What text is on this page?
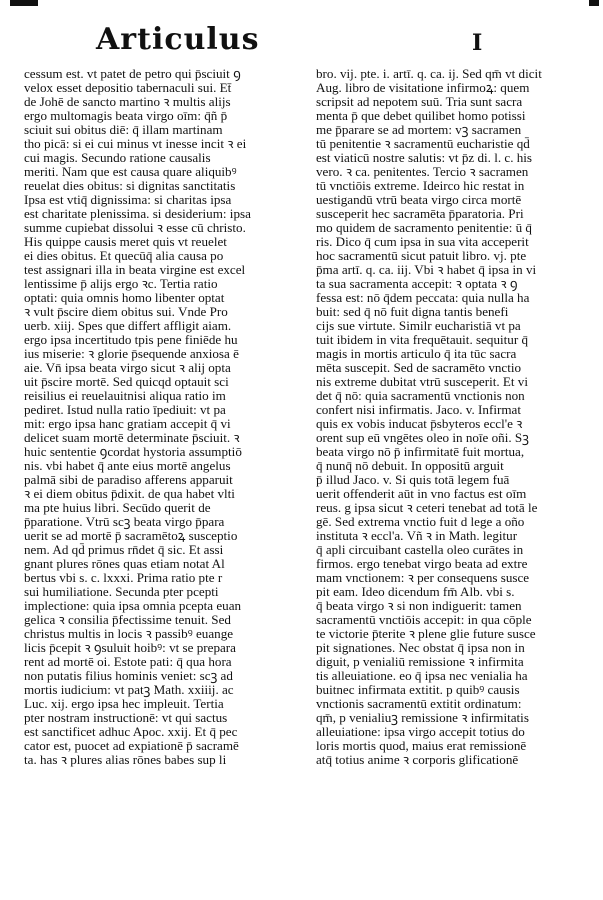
Articulus	I
cessum est. vt patet de petro qui p̄sciuit ꝯ
velox esset depositio tabernaculi sui. Et̄
de Johē de sancto martino ꝛ multis alijs
ergo multomagis beata virgo oīm: q̄ñ p̄
sciuit sui obitus diē: q̄ illam martinam
tho picā: si ei cui minus vt inesse incit ꝛ ei
cui magis. Secundo ratione causalis
meriti. Nam que est causa quare aliquibꝰ
reuelat dies obitus: si dignitas sanctitatis
Ipsa est vtiq̄ dignissima: si charitas ipsa
est charitate plenissima. si desiderium: ipsa
summe cupiebat dissolui ꝛ esse cū christo.
His quippe causis meret quis vt reuelet
ei dies obitus. Et quecūq̄ alia causa po
test assignari illa in beata virgine est excel
lentissime p̄ alijs ergo ꝛc. Tertia ratio
optati: quia omnis homo libenter optat
ꝛ vult p̄scire diem obitus sui. Vnde Pro
uerb. xiij. Spes que differt affligit aiam.
ergo ipsa incertitudo tpis pene finiēde hu
ius miserie: ꝛ glorie p̄sequende anxiosa ē
aie. Vn̄ ipsa beata virgo sicut ꝛ alij opta
uit p̄scire mortē. Sed quicqd optauit sci
reisilius ei reuelauitnisi aliqua ratio im
pediret. Istud nulla ratio īpediuit: vt pa
mit: ergo ipsa hanc gratiam accepit q̄ vi
delicet suam mortē determinate p̄sciuit. ꝛ
huic sententie ꝯcordat hystoria assumptiō
nis. vbi habet q̄ ante eius mortē angelus
palmā sibi de paradiso afferens apparuit
ꝛ ei diem obitus p̄dixit. de qua habet vlti
ma pte huius libri. Secūdo querit de
p̄paratione. Vtrū scꝫ beata virgo p̄para
uerit se ad mortē p̄ sacramētoꝝ susceptio
nem. Ad qd̄ primus rn̄det q̄ sic. Et assi
gnant plures rōnes quas etiam notat Al
bertus vbi s. c. lxxxi. Prima ratio pte r
sui humiliatione. Secunda pter pcepti
implectione: quia ipsa omnia pcepta euan
gelica ꝛ consilia p̄fectissime tenuit. Sed
christus multis in locis ꝛ passibꝰ euange
licis p̄cepit ꝛ ꝯsuluit hoibꝰ: vt se prepara
rent ad mortē oi. Estote pati: q̄ qua hora
non putatis filius hominis veniet: scꝫ ad
mortis iudicium: vt patꝫ Math. xxiiij. ac
Luc. xij. ergo ipsa hec impleuit. Tertia
pter nostram instructionē: vt qui sactus
est sanctificet adhuc Apoc. xxij. Et q̄ pec
cator est, puocet ad expiationē p̄ sacramē
ta. has ꝛ plures alias rōnes babes sup li
bro. vij. pte. i. artī. q. ca. ij. Sed qm̄ vt dicit
Aug. libro de visitatione infirmoꝝ: quem
scripsit ad nepotem suū. Tria sunt sacra
menta p̄ que debet quilibet homo potissi
me p̄parare se ad mortem: vꝫ sacramen
tū penitentie ꝛ sacramentū eucharistie qd̄
est viaticū nostre salutis: vt p̄z di. l. c. his
vero. ꝛ ca. penitentes. Tercio ꝛ sacramen
tū vnctiōis extreme. Ideirco hic restat in
uestigandū vtrū beata virgo circa mortē
susceperit hec sacramēta p̄paratoria. Pri
mo quidem de sacramento penitentie: ū q̄
ris. Dico q̄ cum ipsa in sua vita acceperit
hoc sacramentū sicut patuit libro. vj. pte
p̄ma artī. q. ca. iij. Vbi ꝛ habet q̄ ipsa in vi
ta sua sacramenta accepit: ꝛ optata ꝛ ꝯ
fessa est: nō q̄dem peccata: quia nulla ha
buit: sed q̄ nō fuit digna tantis benefi
cijs sue virtute. Similr eucharistiā vt pa
tuit ibidem in vita frequētauit. sequitur q̄
magis in mortis articulo q̄ ita tūc sacra
mēta suscepit. Sed de sacramēto vnctio
nis extreme dubitat vtrū susceperit. Et vi
det q̄ nō: quia sacramentū vnctionis non
confert nisi infirmatis. Jaco. v. Infirmat
quis ex vobis inducat p̄sbyteros eccl'e ꝛ
orent sup eū vngētes oleo in noīe oñi. Sꝫ
beata virgo nō p̄ infirmitatē fuit mortua,
q̄ nunq̄ nō debuit. In oppositū arguit
p̄ illud Jaco. v. Si quis totā legem fuā
uerit offenderit aūt in vno factus est oīm
reus. g ipsa sicut ꝛ ceteri tenebat ad totā le
gē. Sed extrema vnctio fuit d lege a oño
instituta ꝛ eccl'a. Vñ ꝛ in Math. legitur
q̄ apli circuibant castella oleo curātes in
firmos. ergo tenebat virgo beata ad extre
mam vnctionem: ꝛ per consequens susce
pit eam. Ideo dicendum fm̄ Alb. vbi s.
q̄ beata virgo ꝛ si non indiguerit: tamen
sacramentū vnctiōis accepit: in qua cōple
te victorie p̄terite ꝛ plene glie future susce
pit signationes. Nec obstat q̄ ipsa non in
diguit, p venialiū remissione ꝛ infirmita
tis alleuiatione. eo q̄ ipsa nec venialia ha
buitnec infirmata extitit. p quibꝰ causis
vnctionis sacramentū extitit ordinatum:
qm̄, p venialiuꝫ remissione ꝛ infirmitatis
alleuiatione: ipsa virgo accepit totius do
loris mortis quod, maius erat remissionē
atq̄ totius anime ꝛ corporis glificationē
